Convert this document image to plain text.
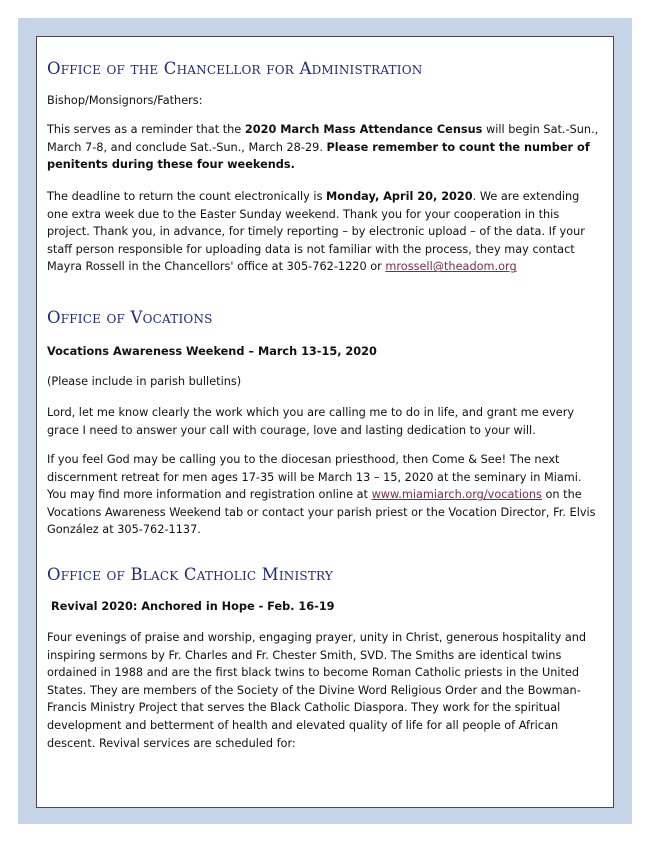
Office of the Chancellor for Administration

Bishop/Monsignors/Fathers:

This serves as a reminder that the 2020 March Mass Attendance Census will begin Sat.-Sun., March 7-8, and conclude Sat.-Sun., March 28-29. Please remember to count the number of penitents during these four weekends.

The deadline to return the count electronically is Monday, April 20, 2020. We are extending one extra week due to the Easter Sunday weekend. Thank you for your cooperation in this project. Thank you, in advance, for timely reporting – by electronic upload – of the data. If your staff person responsible for uploading data is not familiar with the process, they may contact Mayra Rossell in the Chancellors' office at 305-762-1220 or mrossell@theadom.org

Office of Vocations

Vocations Awareness Weekend – March 13-15, 2020

(Please include in parish bulletins)

Lord, let me know clearly the work which you are calling me to do in life, and grant me every grace I need to answer your call with courage, love and lasting dedication to your will.

If you feel God may be calling you to the diocesan priesthood, then Come & See! The next discernment retreat for men ages 17-35 will be March 13 – 15, 2020 at the seminary in Miami. You may find more information and registration online at www.miamiarch.org/vocations on the Vocations Awareness Weekend tab or contact your parish priest or the Vocation Director, Fr. Elvis González at 305-762-1137.

Office of Black Catholic Ministry

Revival 2020: Anchored in Hope - Feb. 16-19

Four evenings of praise and worship, engaging prayer, unity in Christ, generous hospitality and inspiring sermons by Fr. Charles and Fr. Chester Smith, SVD. The Smiths are identical twins ordained in 1988 and are the first black twins to become Roman Catholic priests in the United States. They are members of the Society of the Divine Word Religious Order and the Bowman-Francis Ministry Project that serves the Black Catholic Diaspora. They work for the spiritual development and betterment of health and elevated quality of life for all people of African descent. Revival services are scheduled for:
